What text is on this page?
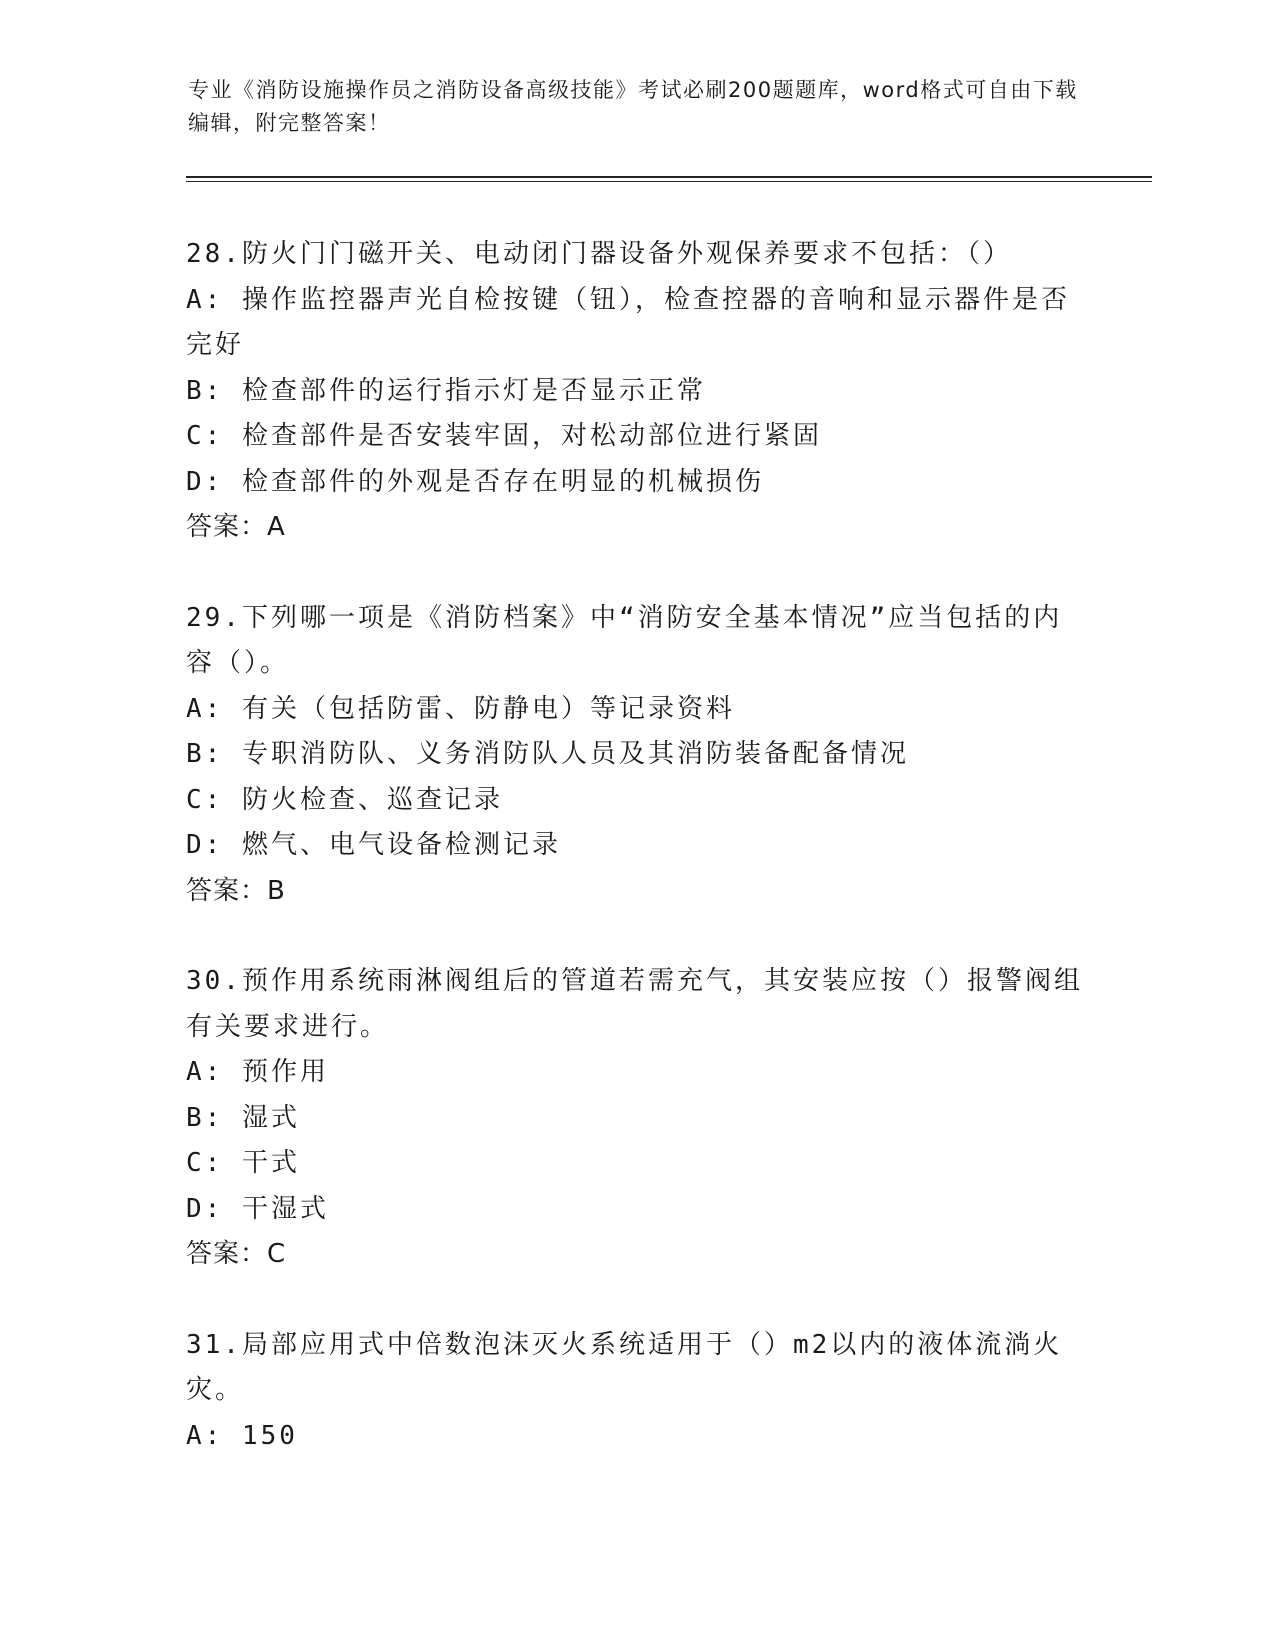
专业《消防设施操作员之消防设备高级技能》考试必刷200题题库，word格式可自由下载编辑，附完整答案！
28.防火门门磁开关、电动闭门器设备外观保养要求不包括：（）
A: 操作监控器声光自检按键（钮），检查控器的音响和显示器件是否完好
B: 检查部件的运行指示灯是否显示正常
C: 检查部件是否安装牢固，对松动部位进行紧固
D: 检查部件的外观是否存在明显的机械损伤
答案：A
29.下列哪一项是《消防档案》中“消防安全基本情况”应当包括的内容（）。
A: 有关（包括防雷、防静电）等记录资料
B: 专职消防队、义务消防队人员及其消防装备配备情况
C: 防火检查、巡查记录
D: 燃气、电气设备检测记录
答案：B
30.预作用系统雨淋阀组后的管道若需充气，其安装应按（）报警阀组有关要求进行。
A: 预作用
B: 湿式
C: 干式
D: 干湿式
答案：C
31.局部应用式中倍数泡沫灭火系统适用于（）m2以内的液体流淌火灾。
A: 150
